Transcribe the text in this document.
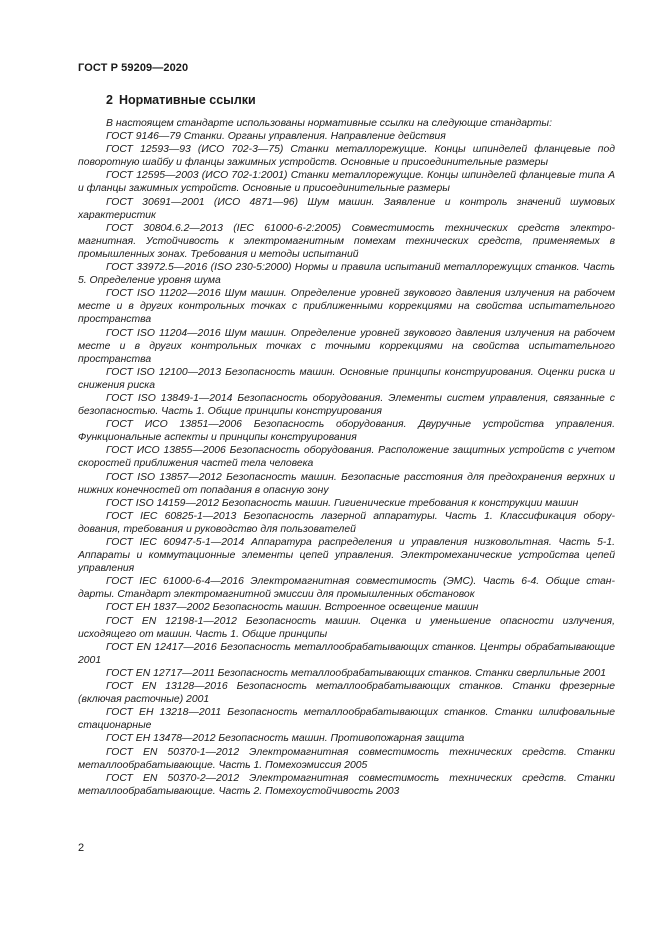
ГОСТ Р 59209—2020
2 Нормативные ссылки

В настоящем стандарте использованы нормативные ссылки на следующие стандарты:

ГОСТ 9146—79 Станки. Органы управления. Направление действия

ГОСТ 12593—93 (ИСО 702-3—75) Станки металлорежущие. Концы шпинделей фланцевые под поворотную шайбу и фланцы зажимных устройств. Основные и присоединительные размеры

ГОСТ 12595—2003 (ИСО 702-1:2001) Станки металлорежущие. Концы шпинделей фланцевые типа А и фланцы зажимных устройств. Основные и присоединительные размеры

ГОСТ 30691—2001 (ИСО 4871—96) Шум машин. Заявление и контроль значений шумовых характеристик

ГОСТ 30804.6.2—2013 (IEC 61000-6-2:2005) Совместимость технических средств электромагнитная. Устойчивость к электромагнитным помехам технических средств, применяемых в промышленных зонах. Требования и методы испытаний

ГОСТ 33972.5—2016 (ISO 230-5:2000) Нормы и правила испытаний металлорежущих станков. Часть 5. Определение уровня шума

ГОСТ ISO 11202—2016 Шум машин. Определение уровней звукового давления излучения на рабочем месте и в других контрольных точках с приближенными коррекциями на свойства испытательного пространства

ГОСТ ISO 11204—2016 Шум машин. Определение уровней звукового давления излучения на рабочем месте и в других контрольных точках с точными коррекциями на свойства испытательного пространства

ГОСТ ISO 12100—2013 Безопасность машин. Основные принципы конструирования. Оценки риска и снижения риска

ГОСТ ISO 13849-1—2014 Безопасность оборудования. Элементы систем управления, связанные с безопасностью. Часть 1. Общие принципы конструирования

ГОСТ ИСО 13851—2006 Безопасность оборудования. Двуручные устройства управления. Функциональные аспекты и принципы конструирования

ГОСТ ИСО 13855—2006 Безопасность оборудования. Расположение защитных устройств с учетом скоростей приближения частей тела человека

ГОСТ ISO 13857—2012 Безопасность машин. Безопасные расстояния для предохранения верхних и нижних конечностей от попадания в опасную зону

ГОСТ ISO 14159—2012 Безопасность машин. Гигиенические требования к конструкции машин

ГОСТ IEC 60825-1—2013 Безопасность лазерной аппаратуры. Часть 1. Классификация оборудования, требования и руководство для пользователей

ГОСТ IEC 60947-5-1—2014 Аппаратура распределения и управления низковольтная. Часть 5-1. Аппараты и коммутационные элементы цепей управления. Электромеханические устройства цепей управления

ГОСТ IEC 61000-6-4—2016 Электромагнитная совместимость (ЭМС). Часть 6-4. Общие стандарты. Стандарт электромагнитной эмиссии для промышленных обстановок

ГОСТ EH 1837—2002 Безопасность машин. Встроенное освещение машин

ГОСТ EN 12198-1—2012 Безопасность машин. Оценка и уменьшение опасности излучения, исходящего от машин. Часть 1. Общие принципы

ГОСТ EN 12417—2016 Безопасность металлообрабатывающих станков. Центры обрабатывающие 2001

ГОСТ EN 12717—2011 Безопасность металлообрабатывающих станков. Станки сверлильные 2001

ГОСТ EN 13128—2016 Безопасность металлообрабатывающих станков. Станки фрезерные (включая расточные) 2001

ГОСТ EH 13218—2011 Безопасность металлообрабатывающих станков. Станки шлифовальные стационарные

ГОСТ EH 13478—2012 Безопасность машин. Противопожарная защита

ГОСТ EN 50370-1—2012 Электромагнитная совместимость технических средств. Станки металлообрабатывающие. Часть 1. Помехоэмиссия 2005

ГОСТ EN 50370-2—2012 Электромагнитная совместимость технических средств. Станки металлообрабатывающие. Часть 2. Помехоустойчивость 2003

2
